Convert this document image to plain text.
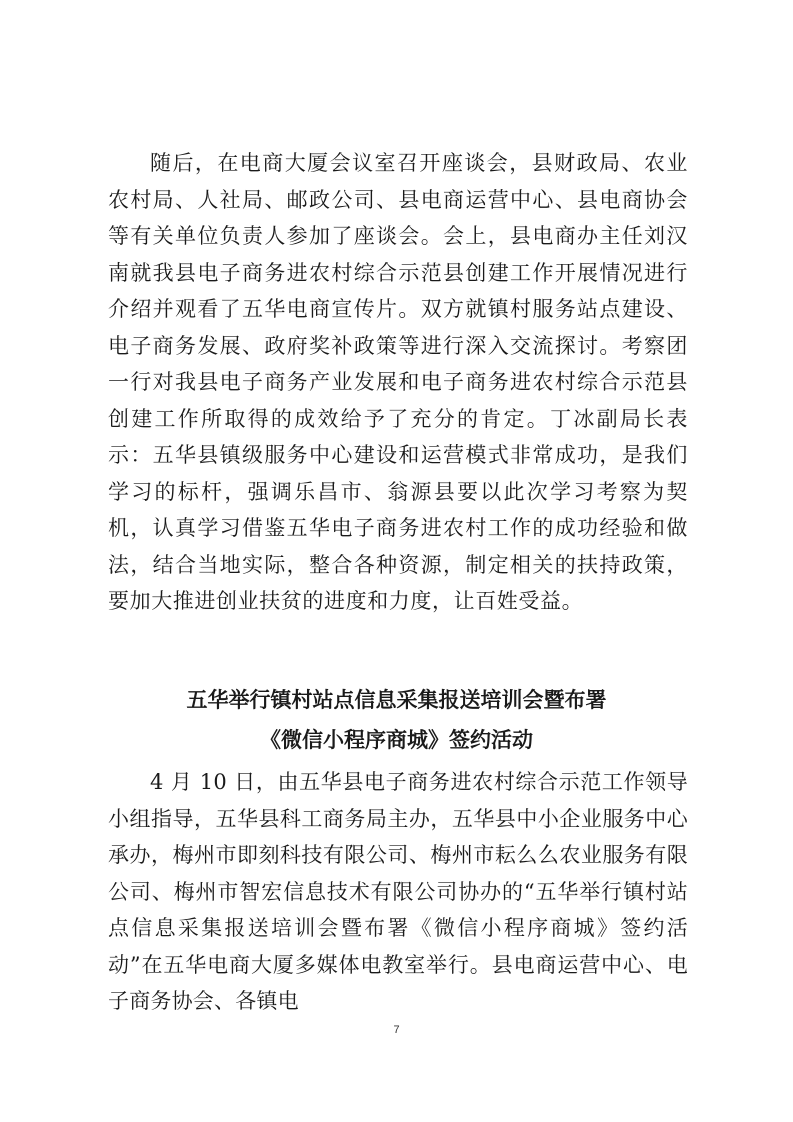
随后，在电商大厦会议室召开座谈会，县财政局、农业农村局、人社局、邮政公司、县电商运营中心、县电商协会等有关单位负责人参加了座谈会。会上，县电商办主任刘汉南就我县电子商务进农村综合示范县创建工作开展情况进行介绍并观看了五华电商宣传片。双方就镇村服务站点建设、电子商务发展、政府奖补政策等进行深入交流探讨。考察团一行对我县电子商务产业发展和电子商务进农村综合示范县创建工作所取得的成效给予了充分的肯定。丁冰副局长表示：五华县镇级服务中心建设和运营模式非常成功，是我们学习的标杆，强调乐昌市、翁源县要以此次学习考察为契机，认真学习借鉴五华电子商务进农村工作的成功经验和做法，结合当地实际，整合各种资源，制定相关的扶持政策，要加大推进创业扶贫的进度和力度，让百姓受益。

五华举行镇村站点信息采集报送培训会暨布署
《微信小程序商城》签约活动

4 月 10 日，由五华县电子商务进农村综合示范工作领导小组指导，五华县科工商务局主办，五华县中小企业服务中心承办，梅州市即刻科技有限公司、梅州市耘么么农业服务有限公司、梅州市智宏信息技术有限公司协办的“五华举行镇村站点信息采集报送培训会暨布署《微信小程序商城》签约活动”在五华电商大厦多媒体电教室举行。县电商运营中心、电子商务协会、各镇电

7
